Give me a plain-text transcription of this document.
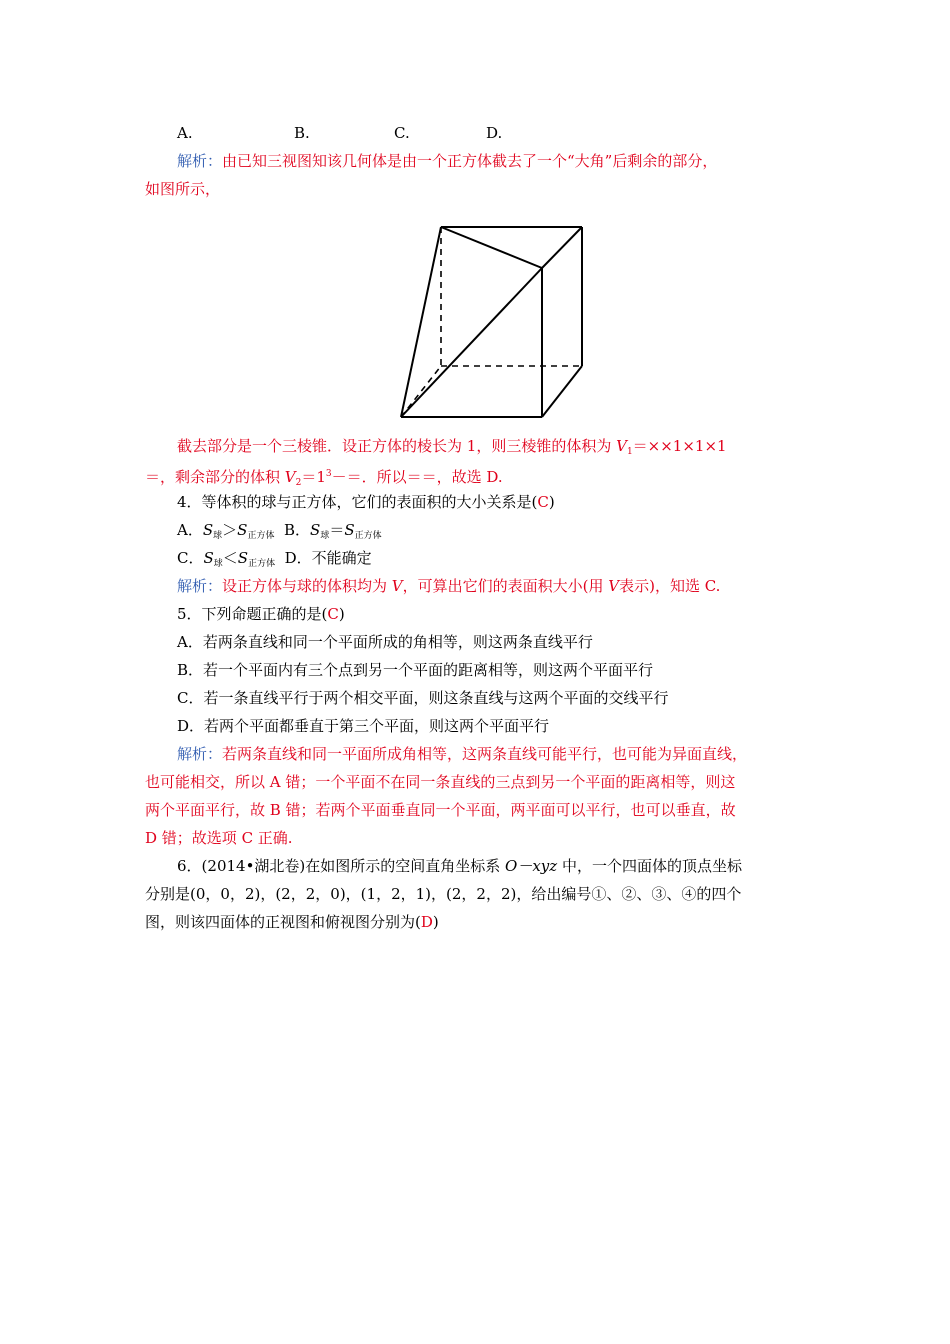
A.	B.	C.	D.
解析：由已知三视图知该几何体是由一个正方体截去了一个“大角”后剩余的部分，
如图所示，
截去部分是一个三棱锥．设正方体的棱长为 1，则三棱锥的体积为 $V_1=\times\times 1\times 1\times 1$
＝，剩余部分的体积 $V_2=1^3-=$．所以＝＝，故选 D.
4．等体积的球与正方体，它们的表面积的大小关系是(C)
A．$S_球>S_{正方体}$ B．$S_球=S_{正方体}$
C．$S_球<S_{正方体}$ D．不能确定
解析：设正方体与球的体积均为 V，可算出它们的表面积大小(用 V表示)，知选 C.
5．下列命题正确的是(C)
A．若两条直线和同一个平面所成的角相等，则这两条直线平行
B．若一个平面内有三个点到另一个平面的距离相等，则这两个平面平行
C．若一条直线平行于两个相交平面，则这条直线与这两个平面的交线平行
D．若两个平面都垂直于第三个平面，则这两个平面平行
解析：若两条直线和同一平面所成角相等，这两条直线可能平行，也可能为异面直线，
也可能相交，所以 A 错；一个平面不在同一条直线的三点到另一个平面的距离相等，则这
两个平面平行，故 B 错；若两个平面垂直同一个平面，两平面可以平行，也可以垂直，故
D 错；故选项 C 正确.
6．(2014•湖北卷)在如图所示的空间直角坐标系 O－xyz 中，一个四面体的顶点坐标
分别是(0，0，2)，(2，2，0)，(1，2，1)，(2，2，2)，给出编号①、②、③、④的四个
图，则该四面体的正视图和俯视图分别为(D)
